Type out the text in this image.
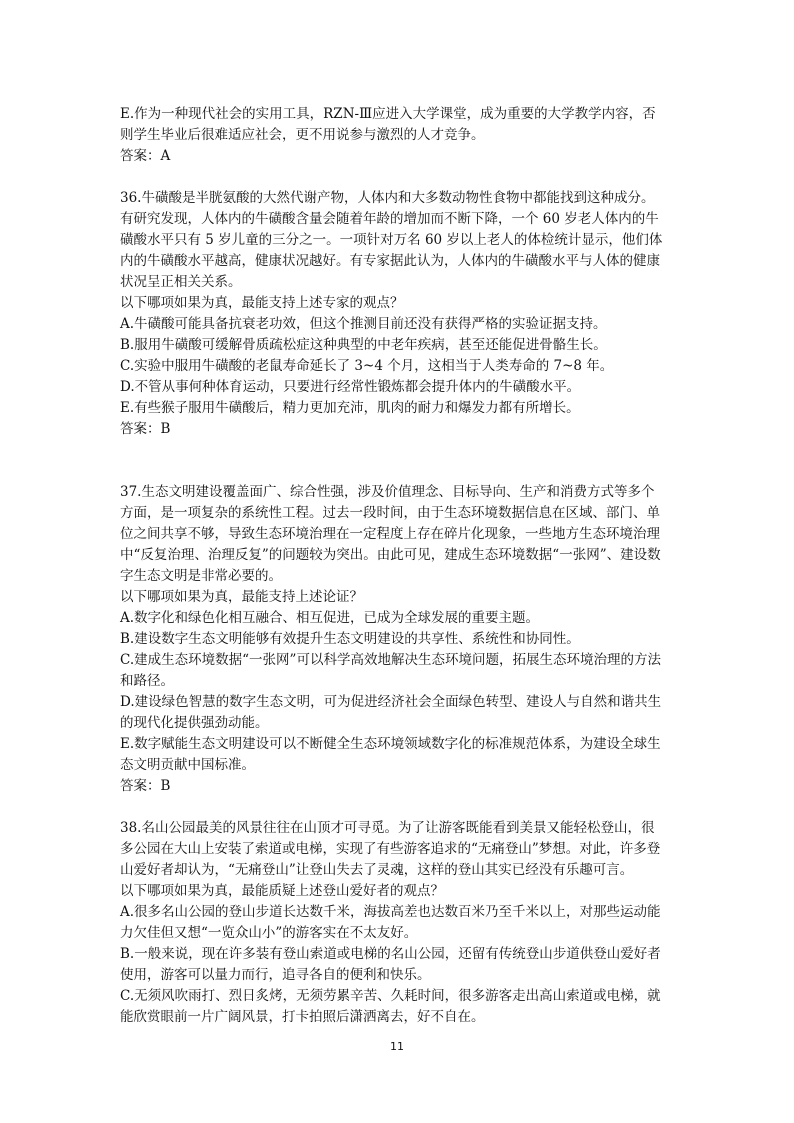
E.作为一种现代社会的实用工具，RZN-Ⅲ应进入大学课堂，成为重要的大学教学内容，否
则学生毕业后很难适应社会，更不用说参与激烈的人才竞争。
答案：A
36.牛磺酸是半胱氨酸的大然代谢产物，人体内和大多数动物性食物中都能找到这种成分。
有研究发现，人体内的牛磺酸含量会随着年龄的增加而不断下降，一个 60 岁老人体内的牛
磺酸水平只有 5 岁儿童的三分之一。一项针对万名 60 岁以上老人的体检统计显示，他们体
内的牛磺酸水平越高，健康状况越好。有专家据此认为，人体内的牛磺酸水平与人体的健康
状况呈正相关关系。
以下哪项如果为真，最能支持上述专家的观点？
A.牛磺酸可能具备抗衰老功效，但这个推测目前还没有获得严格的实验证据支持。
B.服用牛磺酸可缓解骨质疏松症这种典型的中老年疾病，甚至还能促进骨骼生长。
C.实验中服用牛磺酸的老鼠寿命延长了 3~4 个月，这相当于人类寿命的 7~8 年。
D.不管从事何种体育运动，只要进行经常性锻炼都会提升体内的牛磺酸水平。
E.有些猴子服用牛磺酸后，精力更加充沛，肌肉的耐力和爆发力都有所增长。
答案：B
37.生态文明建设覆盖面广、综合性强，涉及价值理念、目标导向、生产和消费方式等多个
方面，是一项复杂的系统性工程。过去一段时间，由于生态环境数据信息在区域、部门、单
位之间共享不够，导致生态环境治理在一定程度上存在碎片化现象，一些地方生态环境治理
中“反复治理、治理反复”的问题较为突出。由此可见，建成生态环境数据“一张网”、建设数
字生态文明是非常必要的。
以下哪项如果为真，最能支持上述论证？
A.数字化和绿色化相互融合、相互促进，已成为全球发展的重要主题。
B.建设数字生态文明能够有效提升生态文明建设的共享性、系统性和协同性。
C.建成生态环境数据“一张网”可以科学高效地解决生态环境问题，拓展生态环境治理的方法
和路径。
D.建设绿色智慧的数字生态文明，可为促进经济社会全面绿色转型、建设人与自然和谐共生
的现代化提供强劲动能。
E.数字赋能生态文明建设可以不断健全生态环境领域数字化的标准规范体系，为建设全球生
态文明贡献中国标准。
答案：B
38.名山公园最美的风景往往在山顶才可寻觅。为了让游客既能看到美景又能轻松登山，很
多公园在大山上安装了索道或电梯，实现了有些游客追求的“无痛登山”梦想。对此，许多登
山爱好者却认为，“无痛登山”让登山失去了灵魂，这样的登山其实已经没有乐趣可言。
以下哪项如果为真，最能质疑上述登山爱好者的观点？
A.很多名山公园的登山步道长达数千米，海拔高差也达数百米乃至千米以上，对那些运动能
力欠佳但又想“一览众山小”的游客实在不太友好。
B.一般来说，现在许多装有登山索道或电梯的名山公园，还留有传统登山步道供登山爱好者
使用，游客可以量力而行，追寻各自的便利和快乐。
C.无须风吹雨打、烈日炙烤，无须劳累辛苦、久耗时间，很多游客走出高山索道或电梯，就
能欣赏眼前一片广阔风景，打卡拍照后潇洒离去，好不自在。
11
